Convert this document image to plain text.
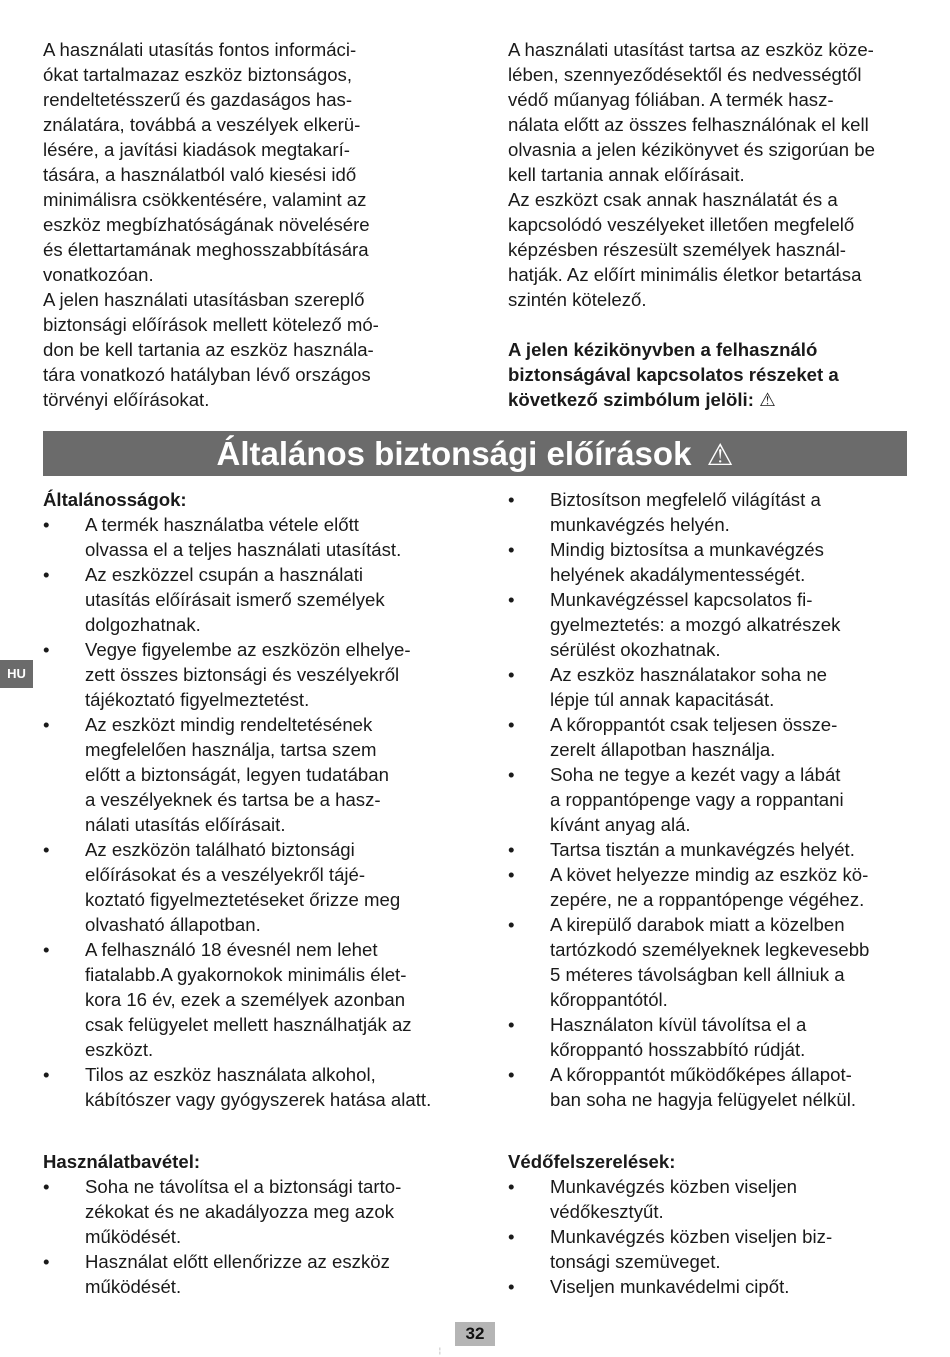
A használati utasítás fontos informáci-
ókat tartalmazaz eszköz biztonságos,
rendeltetésszerű és gazdaságos has-
ználatára, továbbá a veszélyek elkerü-
lésére, a javítási kiadások megtakarí-
tására, a használatból való kiesési idő
minimálisra csökkentésére, valamint az
eszköz megbízhatóságának növelésére
és élettartamának meghosszabbítására
vonatkozóan.
A jelen használati utasításban szereplő
biztonsági előírások mellett kötelező mó-
don be kell tartania az eszköz használa-
tára vonatkozó hatályban lévő országos
törvényi előírásokat.
A használati utasítást tartsa az eszköz köze-
lében, szennyeződésektől és nedvességtől
védő műanyag fóliában. A termék hasz-
nálata előtt az összes felhasználónak el kell
olvasnia a jelen kézikönyvet és szigorúan be
kell tartania annak előírásait.
Az eszközt csak annak használatát és a
kapcsolódó veszélyeket illetően megfelelő
képzésben részesült személyek használ-
hatják. Az előírt minimális életkor betartása
szintén kötelező.
A jelen kézikönyvben a felhasználó
biztonságával kapcsolatos részeket a
következő szimbólum jelöli: ⚠
Általános biztonsági előírások ⚠
Általánosságok:
• A termék használatba vétele előtt
olvassa el a teljes használati utasítást.
• Az eszközzel csupán a használati
utasítás előírásait ismerő személyek
dolgozhatnak.
• Vegye figyelembe az eszközön elhelye-
zett összes biztonsági és veszélyekről
tájékoztató figyelmeztetést.
• Az eszközt mindig rendeltetésének
megfelelően használja, tartsa szem
előtt a biztonságát, legyen tudatában
a veszélyeknek és tartsa be a hasz-
nálati utasítás előírásait.
• Az eszközön található biztonsági
előírásokat és a veszélyekről tájé-
koztató figyelmeztetéseket őrizze meg
olvasható állapotban.
• A felhasználó 18 évesnél nem lehet
fiatalabb.A gyakornokok minimális élet-
kora 16 év, ezek a személyek azonban
csak felügyelet mellett használhatják az
eszközt.
• Tilos az eszköz használata alkohol,
kábítószer vagy gyógyszerek hatása alatt.
Használatbavétel:
• Soha ne távolítsa el a biztonsági tarto-
zékokat és ne akadályozza meg azok
működését.
• Használat előtt ellenőrizze az eszköz
működését.
• Biztosítson megfelelő világítást a
munkavégzés helyén.
• Mindig biztosítsa a munkavégzés
helyének akadálymentességét.
• Munkavégzéssel kapcsolatos fi-
gyelmeztetés: a mozgó alkatrészek
sérülést okozhatnak.
• Az eszköz használatakor soha ne
lépje túl annak kapacitását.
• A kőroppantót csak teljesen össze-
zerelt állapotban használja.
• Soha ne tegye a kezét vagy a lábát
a roppantópenge vagy a roppantani
kívánt anyag alá.
• Tartsa tisztán a munkavégzés helyét.
• A követ helyezze mindig az eszköz kö-
zepére, ne a roppantópenge végéhez.
• A kirepülő darabok miatt a közelben
tartózkodó személyeknek legkevesebb
5 méteres távolságban kell állniuk a
kőroppantótól.
• Használaton kívül távolítsa el a
kőroppantó hosszabbító rúdját.
• A kőroppantót működőképes állapot-
ban soha ne hagyja felügyelet nélkül.
Védőfelszerelések:
• Munkavégzés közben viseljen
védőkesztyűt.
• Munkavégzés közben viseljen biz-
tonsági szemüveget.
• Viseljen munkavédelmi cipőt.
HU
32
¦
